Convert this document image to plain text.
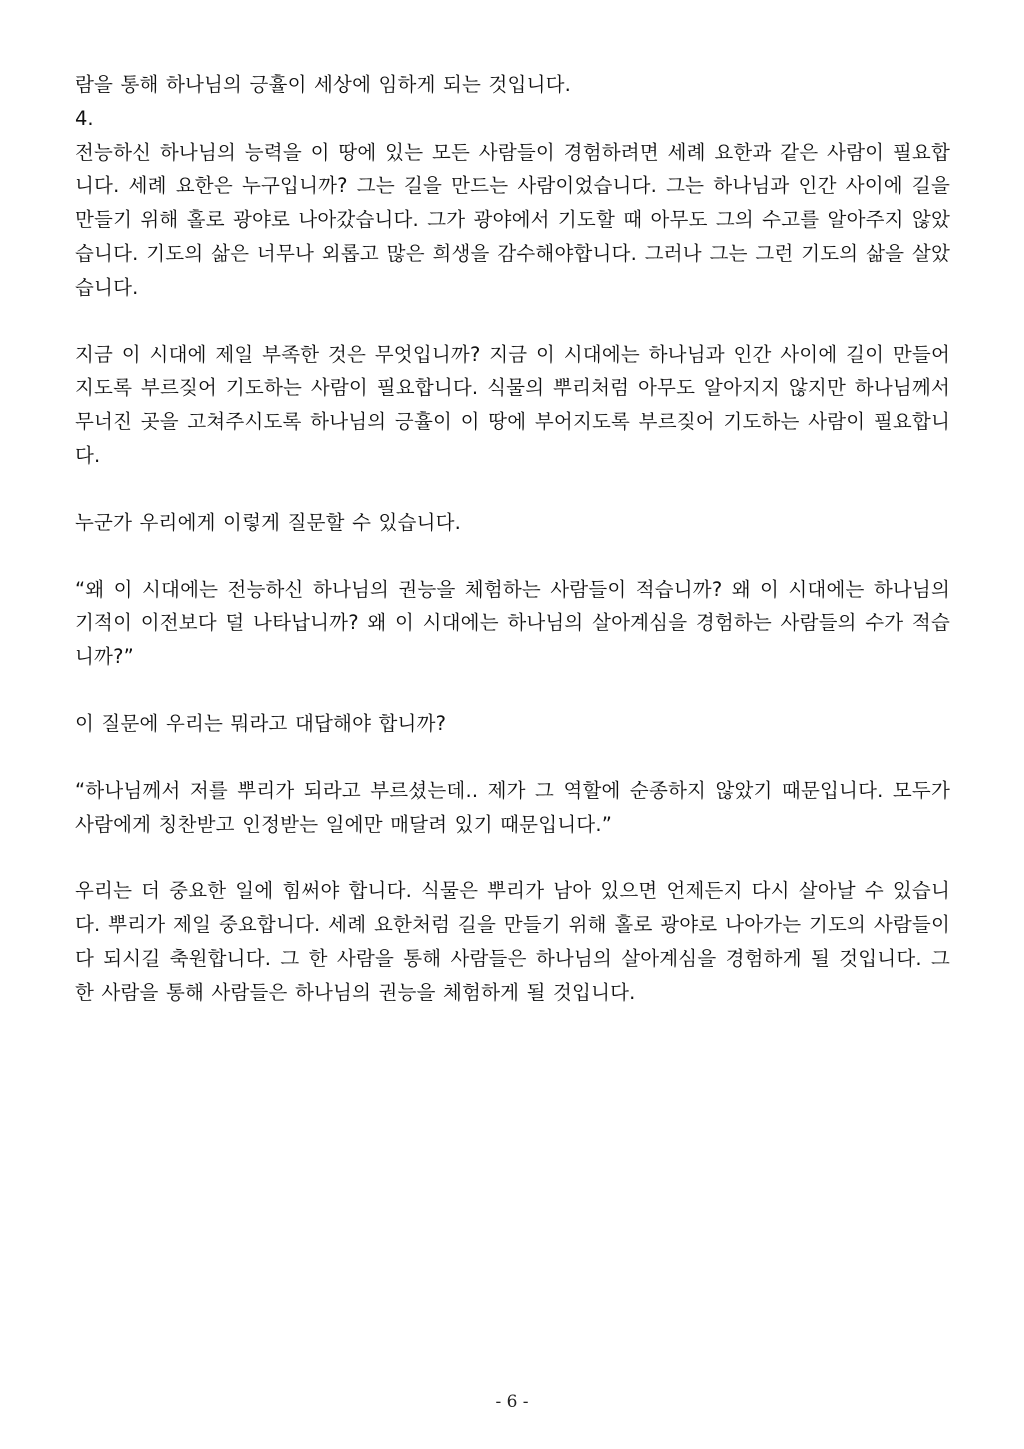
람을 통해 하나님의 긍휼이 세상에 임하게 되는 것입니다.

4.

전능하신 하나님의 능력을 이 땅에 있는 모든 사람들이 경험하려면 세례 요한과 같은 사람이 필요합니다. 세례 요한은 누구입니까? 그는 길을 만드는 사람이었습니다. 그는 하나님과 인간 사이에 길을 만들기 위해 홀로 광야로 나아갔습니다. 그가 광야에서 기도할 때 아무도 그의 수고를 알아주지 않았습니다. 기도의 삶은 너무나 외롭고 많은 희생을 감수해야합니다. 그러나 그는 그런 기도의 삶을 살았습니다.

지금 이 시대에 제일 부족한 것은 무엇입니까? 지금 이 시대에는 하나님과 인간 사이에 길이 만들어지도록 부르짖어 기도하는 사람이 필요합니다. 식물의 뿌리처럼 아무도 알아지지 않지만 하나님께서 무너진 곳을 고쳐주시도록 하나님의 긍휼이 이 땅에 부어지도록 부르짖어 기도하는 사람이 필요합니다.

누군가 우리에게 이렇게 질문할 수 있습니다.

“왜 이 시대에는 전능하신 하나님의 권능을 체험하는 사람들이 적습니까? 왜 이 시대에는 하나님의 기적이 이전보다 덜 나타납니까? 왜 이 시대에는 하나님의 살아계심을 경험하는 사람들의 수가 적습니까?”

이 질문에 우리는 뭐라고 대답해야 합니까?

“하나님께서 저를 뿌리가 되라고 부르셨는데.. 제가 그 역할에 순종하지 않았기 때문입니다. 모두가 사람에게 칭찬받고 인정받는 일에만 매달려 있기 때문입니다.”

우리는 더 중요한 일에 힘써야 합니다. 식물은 뿌리가 남아 있으면 언제든지 다시 살아날 수 있습니다. 뿌리가 제일 중요합니다. 세례 요한처럼 길을 만들기 위해 홀로 광야로 나아가는 기도의 사람들이 다 되시길 축원합니다. 그 한 사람을 통해 사람들은 하나님의 살아계심을 경험하게 될 것입니다. 그 한 사람을 통해 사람들은 하나님의 권능을 체험하게 될 것입니다.

- 6 -
